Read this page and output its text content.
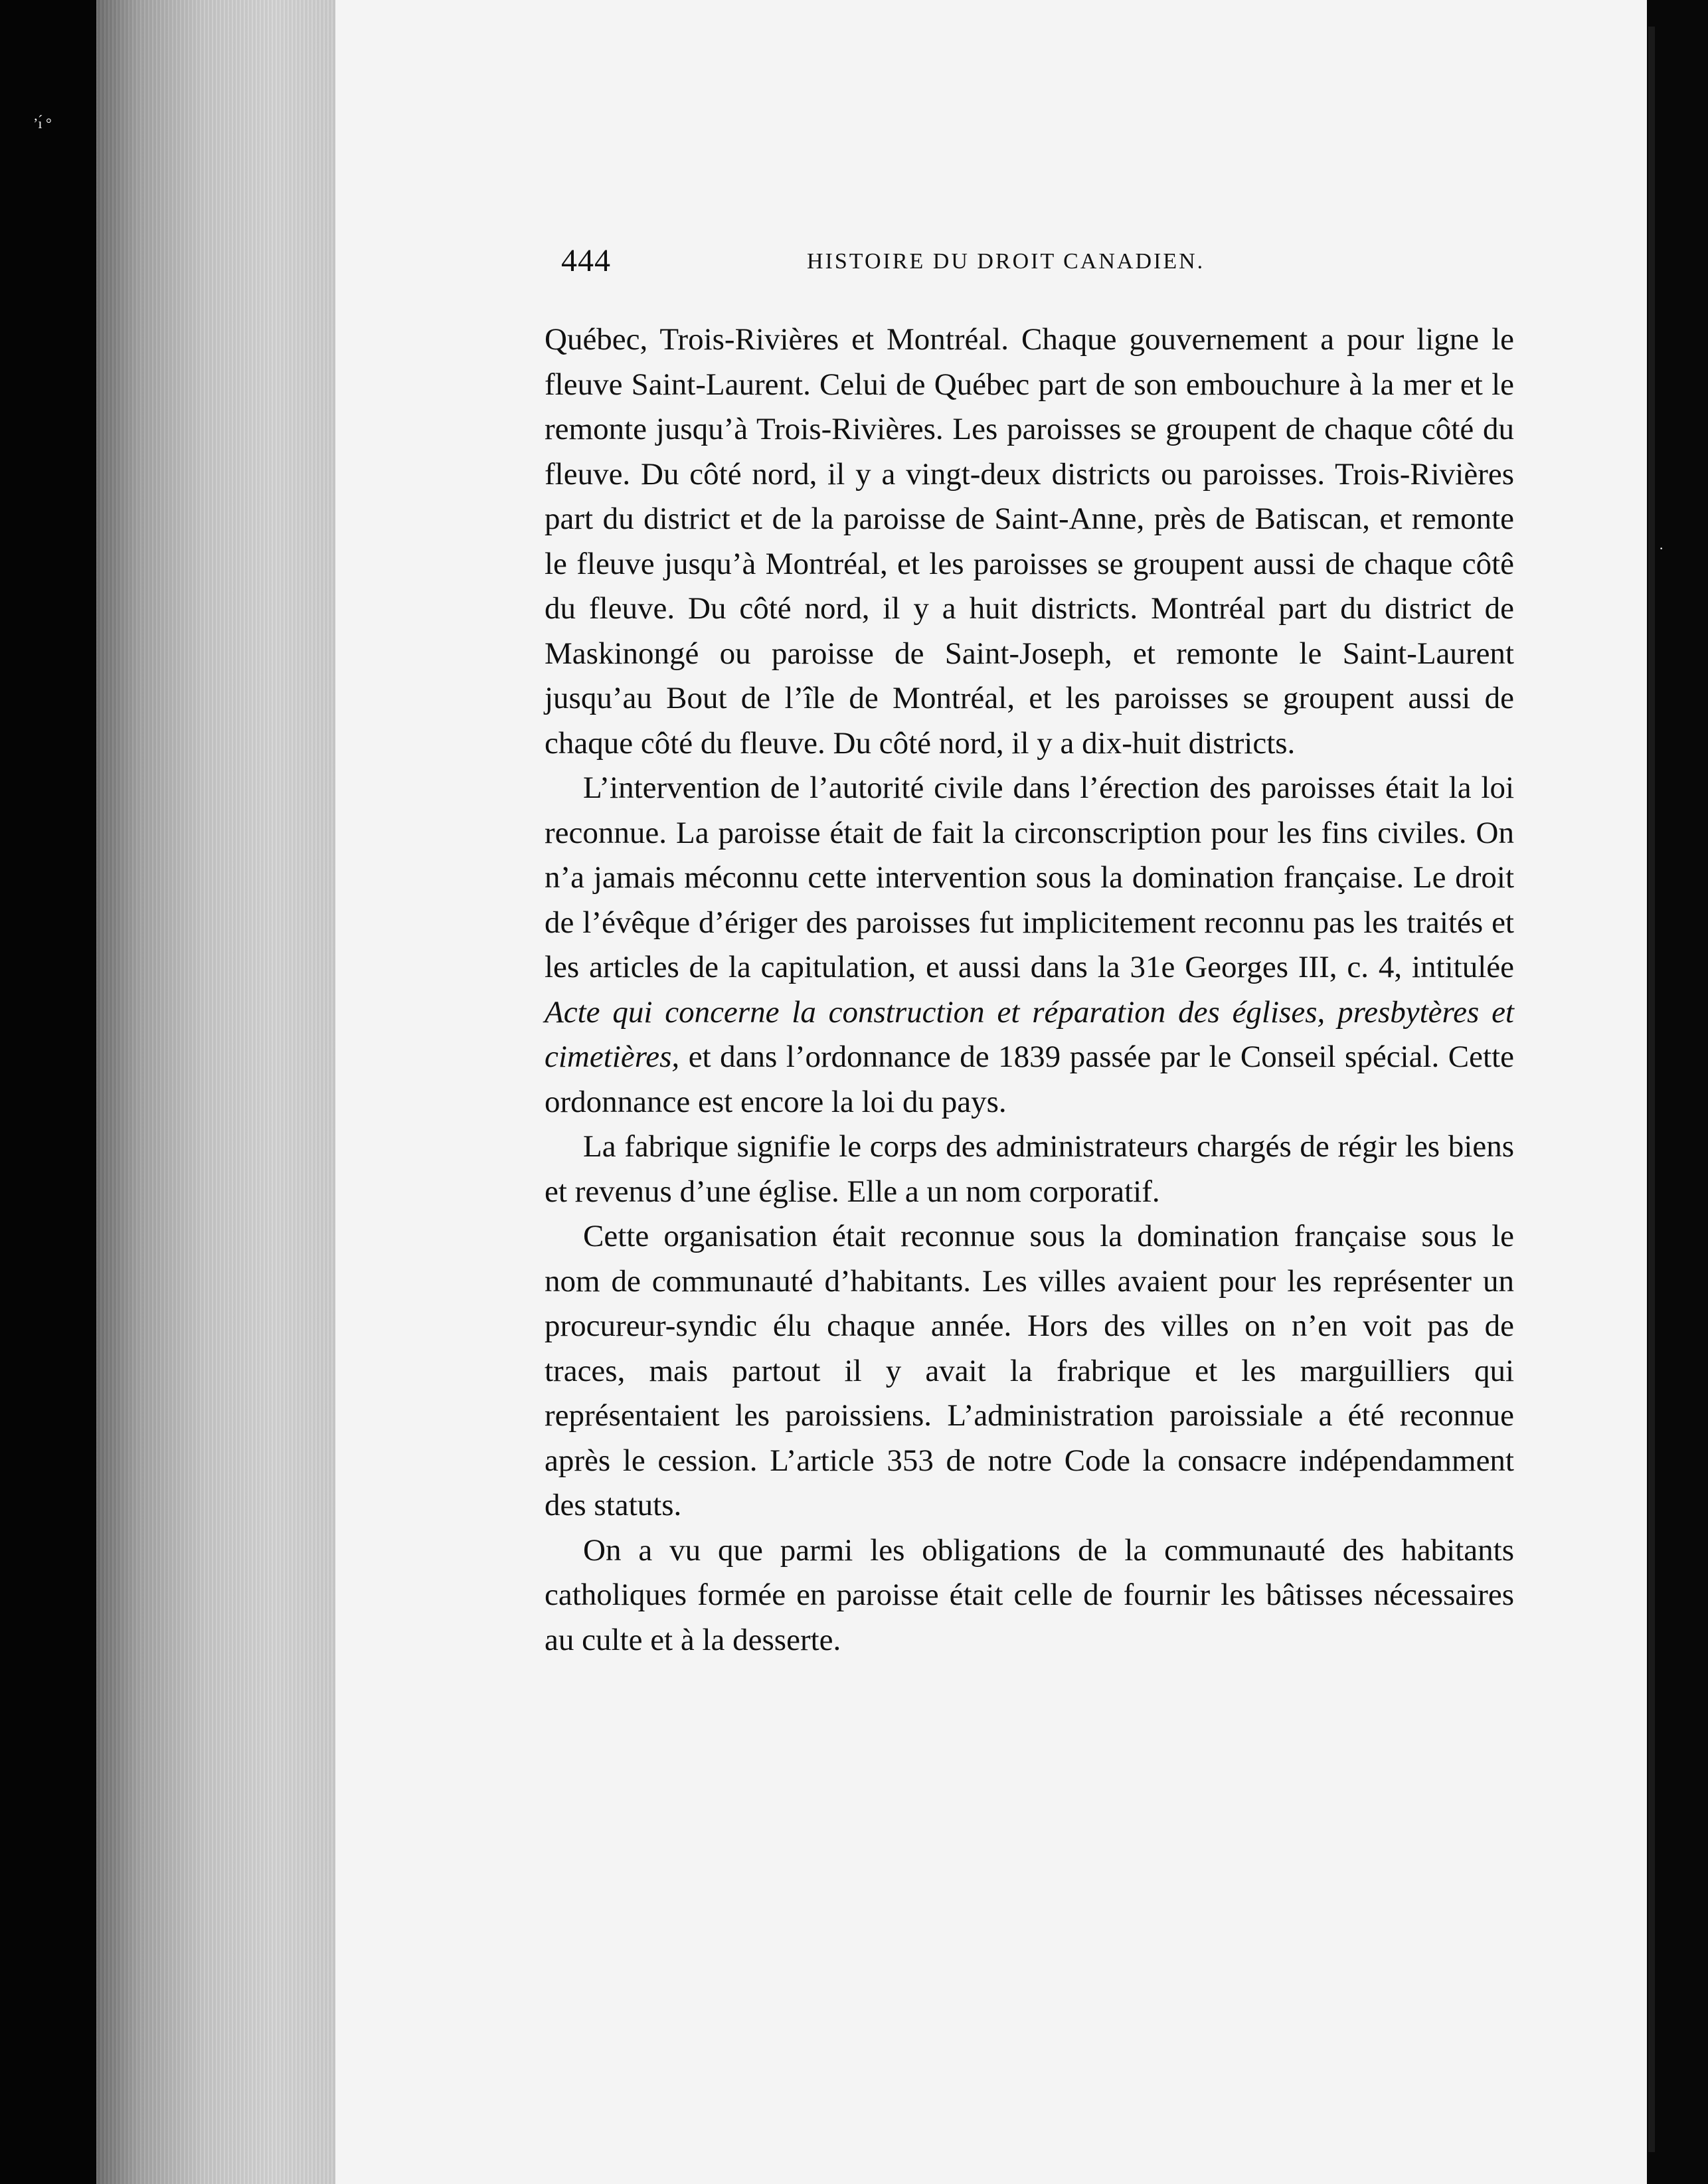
’ı́ °
·
444	HISTOIRE DU DROIT CANADIEN.

Québec, Trois-Rivières et Montréal. Chaque gouvernement a pour ligne le fleuve Saint-Laurent. Celui de Québec part de son embouchure à la mer et le remonte jusqu’à Trois-Rivières. Les paroisses se groupent de chaque côté du fleuve. Du côté nord, il y a vingt-deux districts ou paroisses. Trois-Rivières part du district et de la paroisse de Saint-Anne, près de Batiscan, et remonte le fleuve jusqu’à Montréal, et les paroisses se groupent aussi de chaque côtê du fleuve. Du côté nord, il y a huit districts. Montréal part du district de Maskinongé ou paroisse de Saint-Joseph, et remonte le Saint-Laurent jusqu’au Bout de l’île de Montréal, et les paroisses se groupent aussi de chaque côté du fleuve. Du côté nord, il y a dix-huit districts.

L’intervention de l’autorité civile dans l’érection des paroisses était la loi reconnue. La paroisse était de fait la circonscription pour les fins civiles. On n’a jamais méconnu cette intervention sous la domination française. Le droit de l’évêque d’ériger des paroisses fut implicitement reconnu pas les traités et les articles de la capitulation, et aussi dans la 31e Georges III, c. 4, intitulée Acte qui concerne la construction et réparation des églises, presbytères et cimetières, et dans l’ordonnance de 1839 passée par le Conseil spécial. Cette ordonnance est encore la loi du pays.

La fabrique signifie le corps des administrateurs chargés de régir les biens et revenus d’une église. Elle a un nom corporatif.

Cette organisation était reconnue sous la domination française sous le nom de communauté d’habitants. Les villes avaient pour les représenter un procureur-syndic élu chaque année. Hors des villes on n’en voit pas de traces, mais partout il y avait la frabrique et les marguilliers qui représentaient les paroissiens. L’administration paroissiale a été reconnue après le cession. L’article 353 de notre Code la consacre indépendamment des statuts.

On a vu que parmi les obligations de la communauté des habitants catholiques formée en paroisse était celle de fournir les bâtisses nécessaires au culte et à la desserte.
